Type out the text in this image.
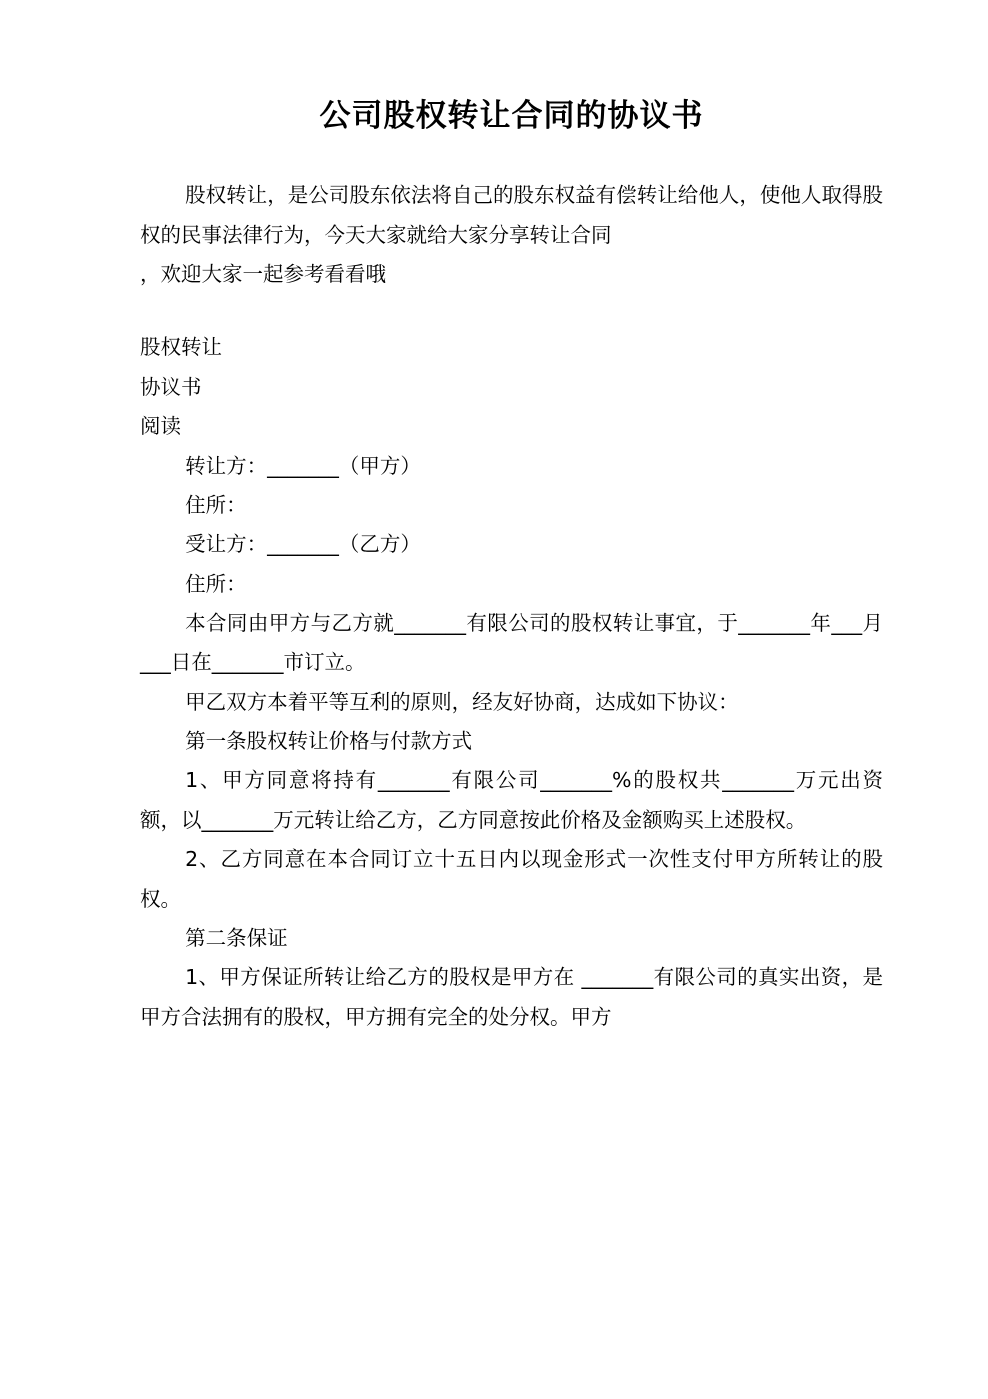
公司股权转让合同的协议书

股权转让，是公司股东依法将自己的股东权益有偿转让给他人，使他人取得股权的民事法律行为，今天大家就给大家分享转让合同

，欢迎大家一起参考看看哦

股权转让

协议书

阅读

转让方：_______（甲方）

住所：

受让方：_______（乙方）

住所：

本合同由甲方与乙方就_______有限公司的股权转让事宜，于_______年___月___日在_______市订立。

甲乙双方本着平等互利的原则，经友好协商，达成如下协议：

第一条股权转让价格与付款方式

1、甲方同意将持有_______有限公司_______%的股权共_______万元出资额，以_______万元转让给乙方，乙方同意按此价格及金额购买上述股权。

2、乙方同意在本合同订立十五日内以现金形式一次性支付甲方所转让的股权。

第二条保证

1、甲方保证所转让给乙方的股权是甲方在 _______有限公司的真实出资，是甲方合法拥有的股权，甲方拥有完全的处分权。甲方
